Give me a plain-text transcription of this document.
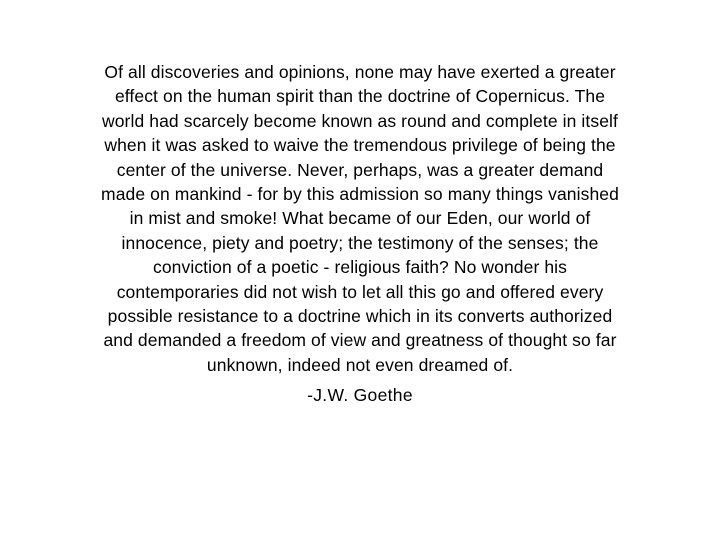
Of all discoveries and opinions, none may have exerted a greater
effect on the human spirit than the doctrine of Copernicus. The
world had scarcely become known as round and complete in itself
when it was asked to waive the tremendous privilege of being the
center of the universe. Never, perhaps, was a greater demand
made on mankind - for by this admission so many things vanished
in mist and smoke! What became of our Eden, our world of
innocence, piety and poetry; the testimony of the senses; the
conviction of a poetic - religious faith? No wonder his
contemporaries did not wish to let all this go and offered every
possible resistance to a doctrine which in its converts authorized
and demanded a freedom of view and greatness of thought so far
unknown, indeed not even dreamed of.

-J.W. Goethe
